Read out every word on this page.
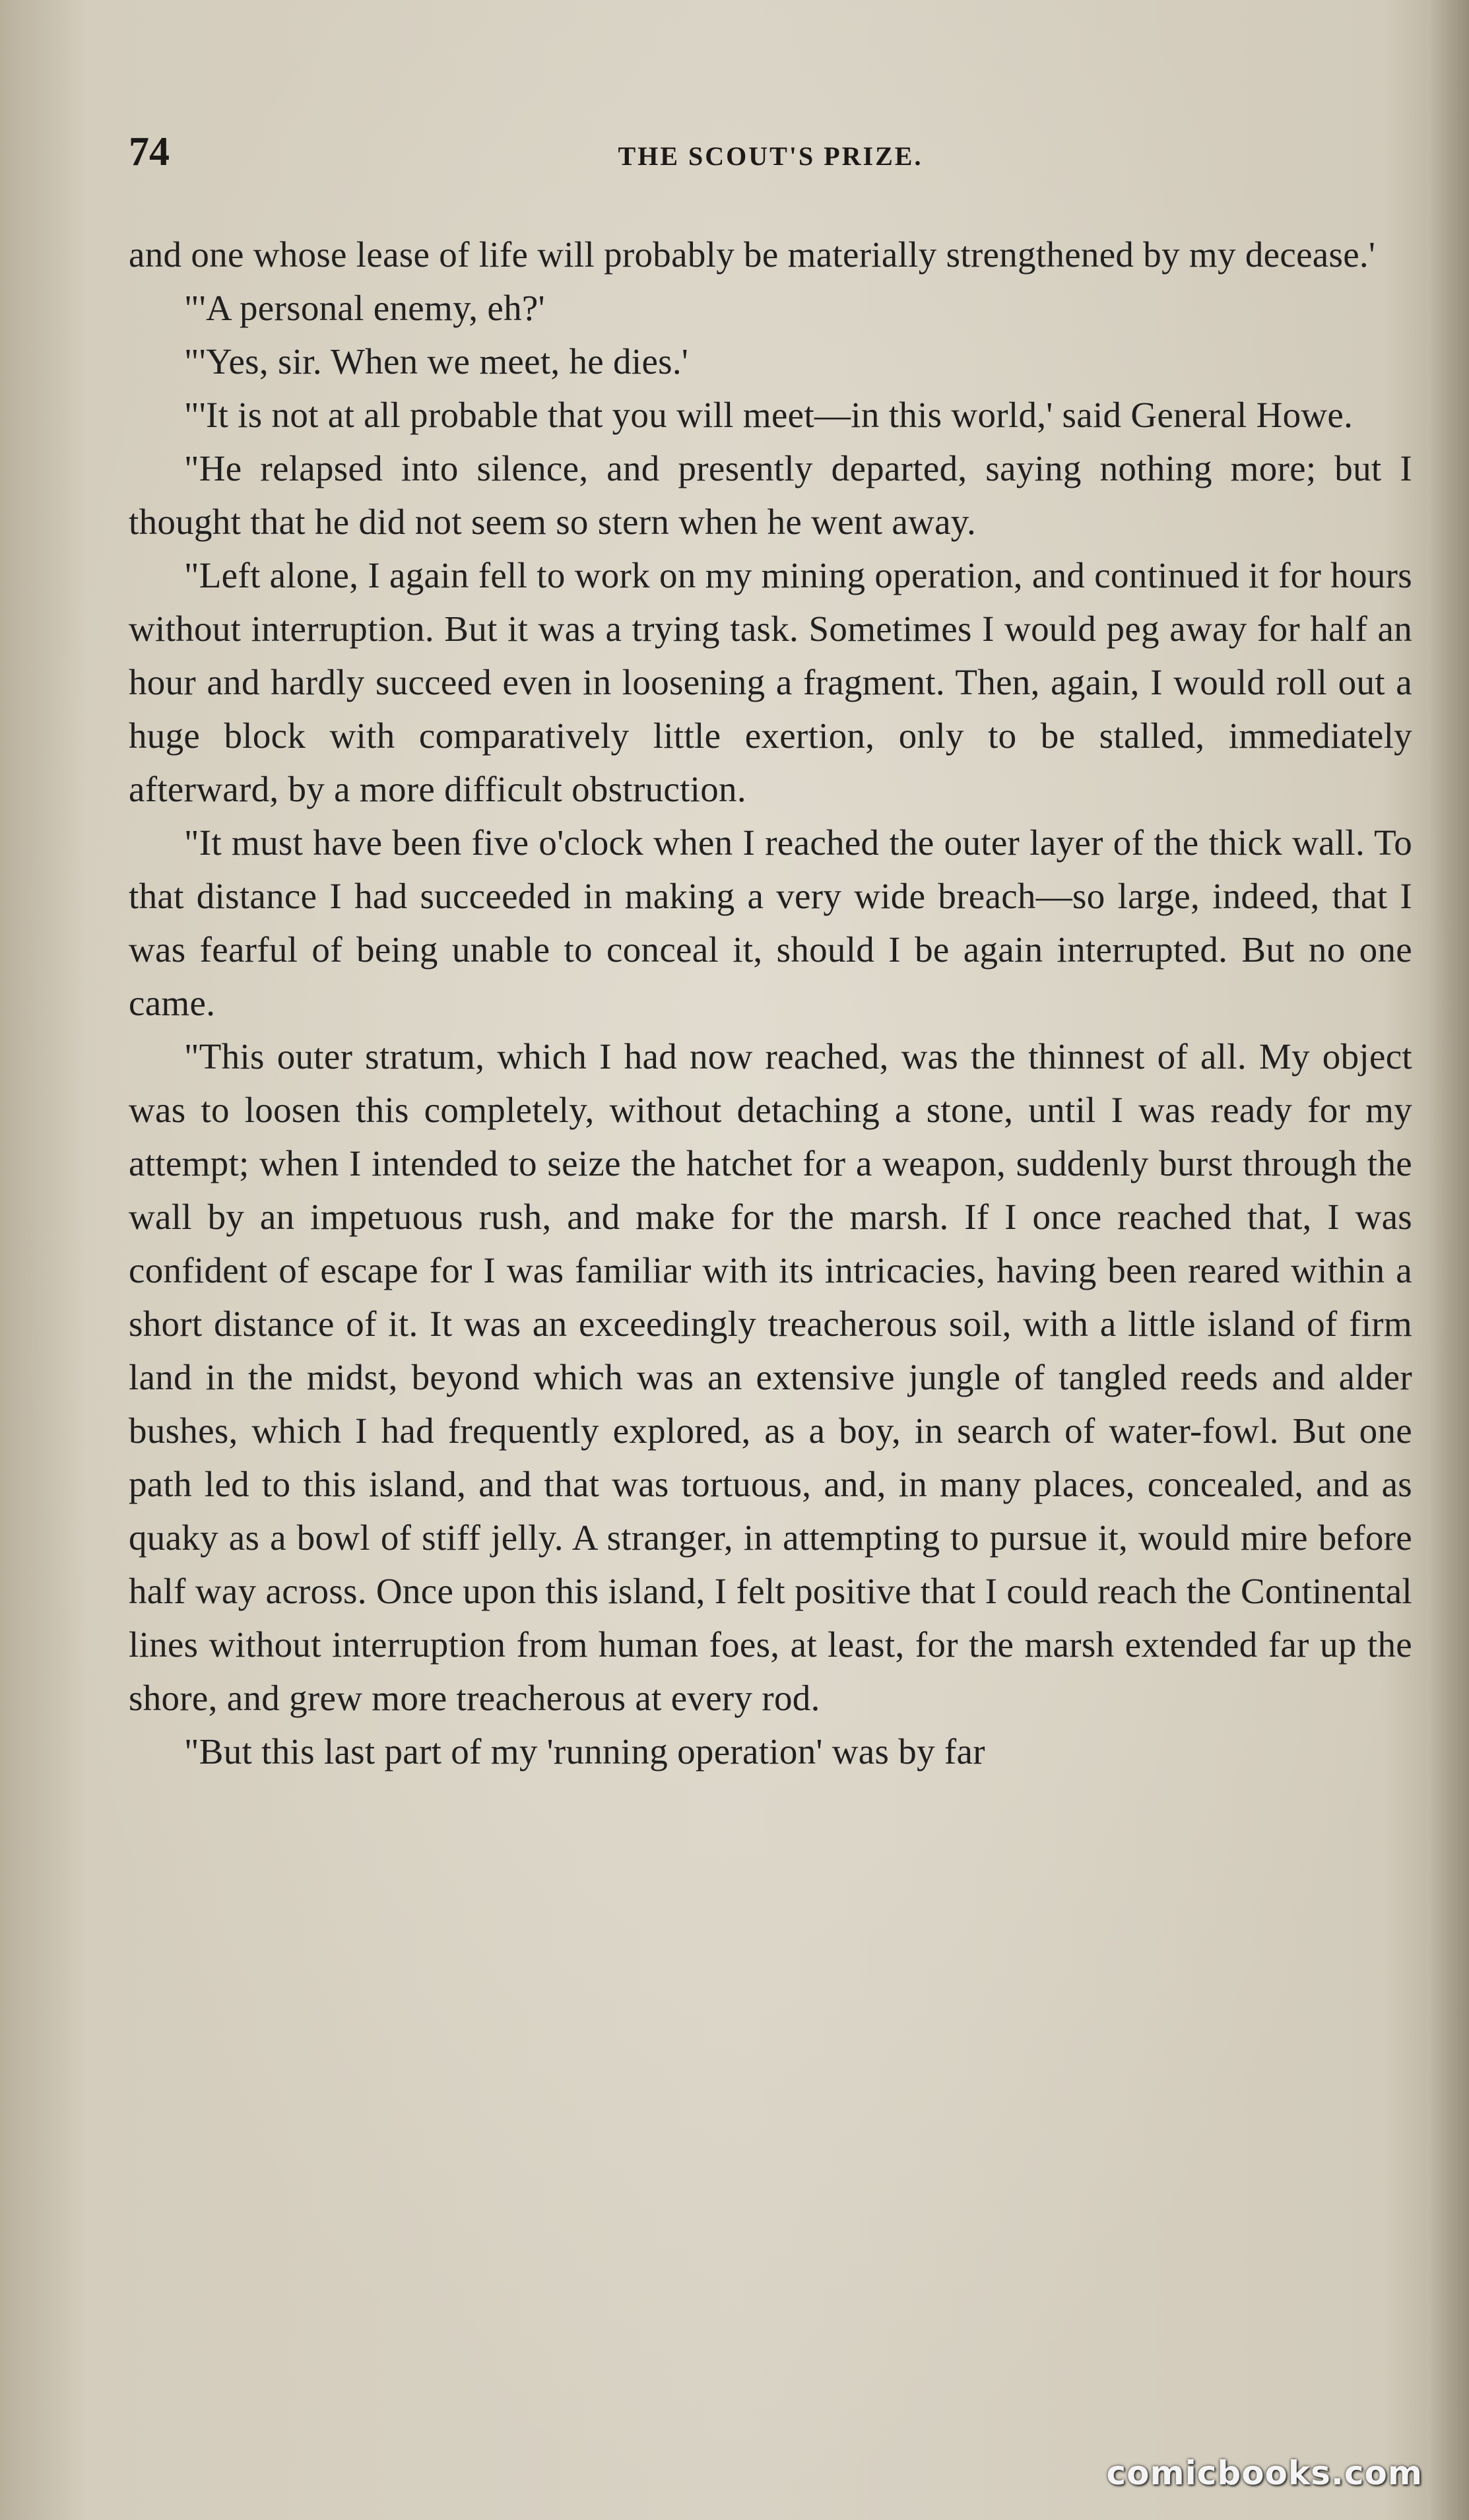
74	THE SCOUT'S PRIZE.

and one whose lease of life will probably be materially strengthened by my decease.'

"'A personal enemy, eh?'

"'Yes, sir. When we meet, he dies.'

"'It is not at all probable that you will meet—in this world,' said General Howe.

"He relapsed into silence, and presently departed, saying nothing more; but I thought that he did not seem so stern when he went away.

"Left alone, I again fell to work on my mining operation, and continued it for hours without interruption. But it was a trying task. Sometimes I would peg away for half an hour and hardly succeed even in loosening a fragment. Then, again, I would roll out a huge block with comparatively little exertion, only to be stalled, immediately afterward, by a more difficult obstruction.

"It must have been five o'clock when I reached the outer layer of the thick wall. To that distance I had succeeded in making a very wide breach—so large, indeed, that I was fearful of being unable to conceal it, should I be again interrupted. But no one came.

"This outer stratum, which I had now reached, was the thinnest of all. My object was to loosen this completely, without detaching a stone, until I was ready for my attempt; when I intended to seize the hatchet for a weapon, suddenly burst through the wall by an impetuous rush, and make for the marsh. If I once reached that, I was confident of escape for I was familiar with its intricacies, having been reared within a short distance of it. It was an exceedingly treacherous soil, with a little island of firm land in the midst, beyond which was an extensive jungle of tangled reeds and alder bushes, which I had frequently explored, as a boy, in search of water-fowl. But one path led to this island, and that was tortuous, and, in many places, concealed, and as quaky as a bowl of stiff jelly. A stranger, in attempting to pursue it, would mire before half way across. Once upon this island, I felt positive that I could reach the Continental lines without interruption from human foes, at least, for the marsh extended far up the shore, and grew more treacherous at every rod.

"But this last part of my 'running operation' was by far

comicbooks.com
